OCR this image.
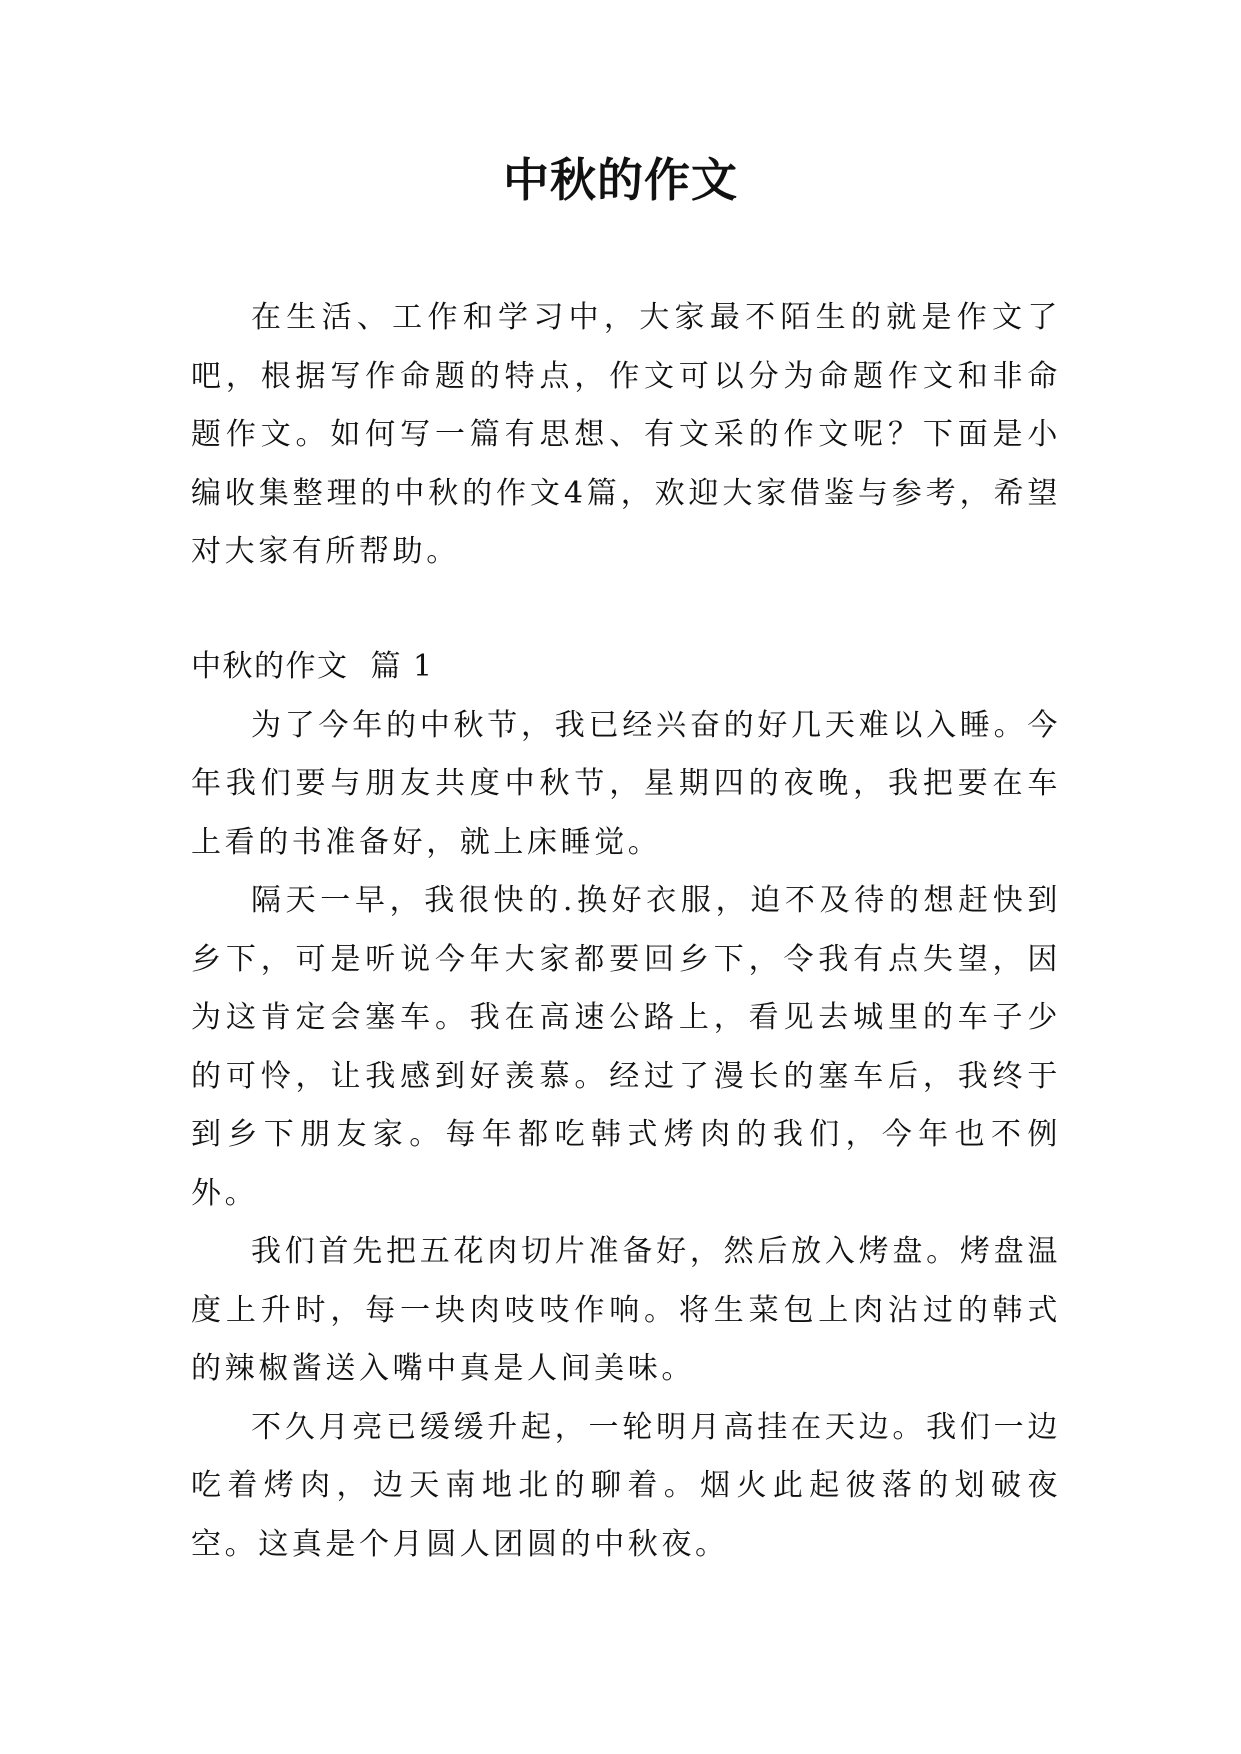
中秋的作文

在生活、工作和学习中，大家最不陌生的就是作文了吧，根据写作命题的特点，作文可以分为命题作文和非命题作文。如何写一篇有思想、有文采的作文呢？下面是小编收集整理的中秋的作文4篇，欢迎大家借鉴与参考，希望对大家有所帮助。

中秋的作文 篇 1

为了今年的中秋节，我已经兴奋的好几天难以入睡。今年我们要与朋友共度中秋节，星期四的夜晚，我把要在车上看的书准备好，就上床睡觉。

隔天一早，我很快的.换好衣服，迫不及待的想赶快到乡下，可是听说今年大家都要回乡下，令我有点失望，因为这肯定会塞车。我在高速公路上，看见去城里的车子少的可怜，让我感到好羡慕。经过了漫长的塞车后，我终于到乡下朋友家。每年都吃韩式烤肉的我们，今年也不例外。

我们首先把五花肉切片准备好，然后放入烤盘。烤盘温度上升时，每一块肉吱吱作响。将生菜包上肉沾过的韩式的辣椒酱送入嘴中真是人间美味。

不久月亮已缓缓升起，一轮明月高挂在天边。我们一边吃着烤肉，边天南地北的聊着。烟火此起彼落的划破夜空。这真是个月圆人团圆的中秋夜。
